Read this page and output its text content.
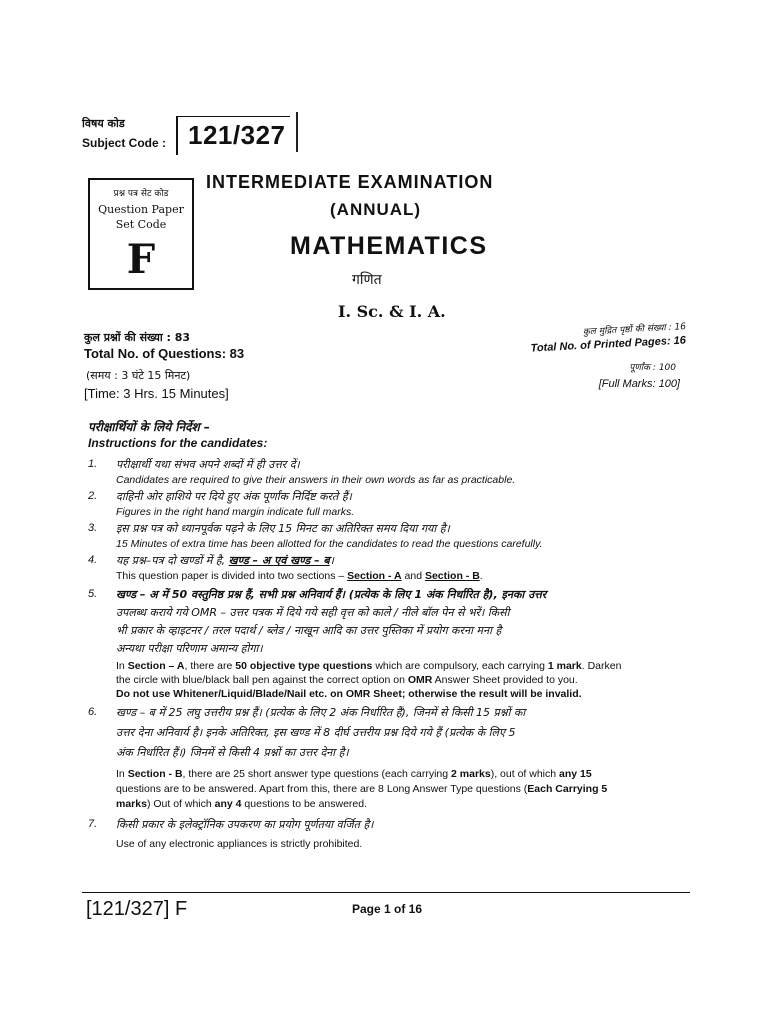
विषय कोड
Subject Code : 121/327
प्रश्न पत्र सेट कोड
Question Paper
Set Code
F
INTERMEDIATE EXAMINATION
(ANNUAL)
MATHEMATICS
गणित
I. Sc. & I. A.
कुल प्रश्नों की संख्या : 83
Total No. of Questions: 83
(समय : 3 घंटे 15 मिनट)
[Time: 3 Hrs. 15 Minutes]
कुल मुद्रित पृष्ठों की संख्या : 16
Total No. of Printed Pages: 16
पूर्णांक : 100
[Full Marks: 100]
परीक्षार्थियों के लिये निर्देश –
Instructions for the candidates:
1. परीक्षार्थी यथा संभव अपने शब्दों में ही उत्तर दें।
Candidates are required to give their answers in their own words as far as practicable.
2. दाहिनी ओर हाशिये पर दिये हुए अंक पूर्णांक निर्दिष्ट करते हैं।
Figures in the right hand margin indicate full marks.
3. इस प्रश्न पत्र को ध्यानपूर्वक पढ़ने के लिए 15 मिनट का अतिरिक्त समय दिया गया है।
15 Minutes of extra time has been allotted for the candidates to read the questions carefully.
4. यह प्रश्न–पत्र दो खण्डों में है, खण्ड – अ एवं खण्ड – ब।
This question paper is divided into two sections – Section - A and Section - B.
5. खण्ड – अ में 50 वस्तुनिष्ठ प्रश्न हैं, सभी प्रश्न अनिवार्य हैं। (प्रत्येक के लिए 1 अंक निर्धारित है), इनका उत्तर
उपलब्ध कराये गये OMR – उत्तर पत्रक में दिये गये सही वृत्त को काले / नीले बॉल पेन से भरें। किसी
भी प्रकार के व्हाइटनर / तरल पदार्थ / ब्लेड / नाखून आदि का उत्तर पुस्तिका में प्रयोग करना मना है
अन्यथा परीक्षा परिणाम अमान्य होगा।
In Section – A, there are 50 objective type questions which are compulsory, each carrying 1 mark. Darken
the circle with blue/black ball pen against the correct option on OMR Answer Sheet provided to you.
Do not use Whitener/Liquid/Blade/Nail etc. on OMR Sheet; otherwise the result will be invalid.
6. खण्ड – ब में 25 लघु उत्तरीय प्रश्न हैं। (प्रत्येक के लिए 2 अंक निर्धारित हैं), जिनमें से किसी 15 प्रश्नों का
उत्तर देना अनिवार्य है। इनके अतिरिक्त, इस खण्ड में 8 दीर्घ उत्तरीय प्रश्न दिये गये हैं (प्रत्येक के लिए 5
अंक निर्धारित हैं।) जिनमें से किसी 4 प्रश्नों का उत्तर देना है।
In Section - B, there are 25 short answer type questions (each carrying 2 marks), out of which any 15
questions are to be answered. Apart from this, there are 8 Long Answer Type questions (Each Carrying 5
marks) Out of which any 4 questions to be answered.
7. किसी प्रकार के इलेक्ट्रॉनिक उपकरण का प्रयोग पूर्णतया वर्जित है।
Use of any electronic appliances is strictly prohibited.
[121/327] F	Page 1 of 16
